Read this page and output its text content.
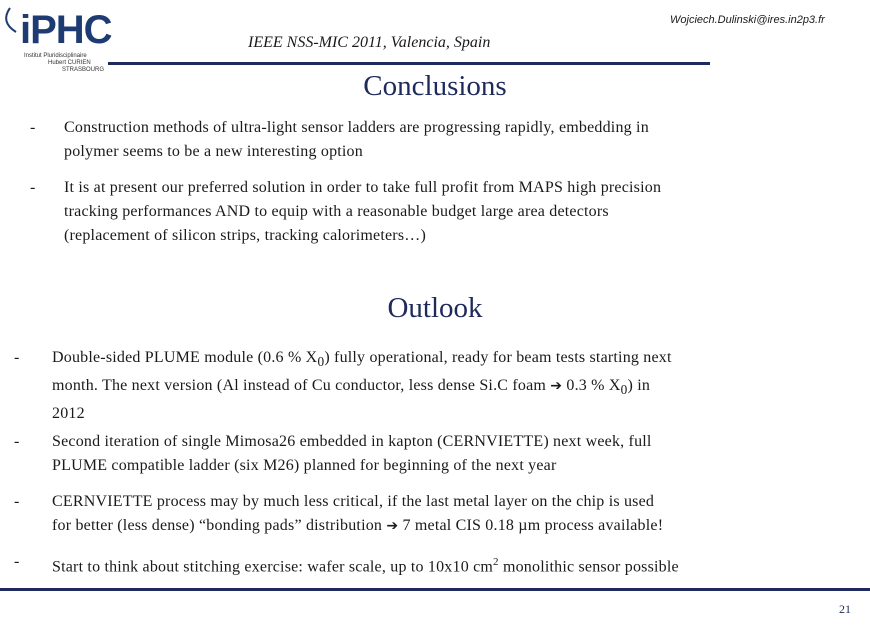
iPHC
Institut Pluridisciplinaire
Hubert CURIEN
STRASBOURG
IEEE NSS-MIC 2011, Valencia, Spain
Wojciech.Dulinski@ires.in2p3.fr
Conclusions
- Construction methods of ultra-light sensor ladders are progressing rapidly, embedding in
polymer seems to be a new interesting option
- It is at present our preferred solution in order to take full profit from MAPS high precision
tracking performances AND to equip with a reasonable budget large area detectors
(replacement of silicon strips, tracking calorimeters…)
Outlook
- Double-sided PLUME module (0.6 % $X_0$) fully operational, ready for beam tests starting next
month. The next version (Al instead of Cu conductor, less dense Si.C foam ➔ 0.3 % $X_0$) in
2012
- Second iteration of single Mimosa26 embedded in kapton (CERNVIETTE) next week, full
PLUME compatible ladder (six M26) planned for beginning of the next year
- CERNVIETTE process may by much less critical, if the last metal layer on the chip is used
for better (less dense) “bonding pads” distribution ➔ 7 metal CIS 0.18 µm process available!
- Start to think about stitching exercise: wafer scale, up to 10x10 $cm^2$ monolithic sensor possible
21
